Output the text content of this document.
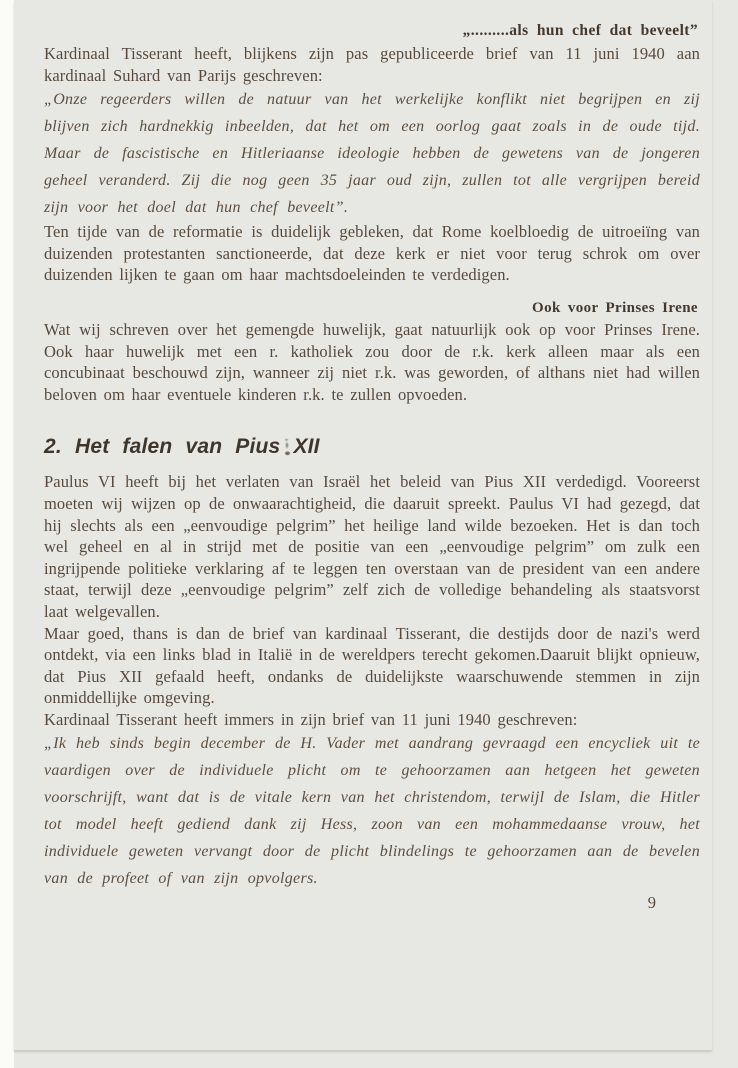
„.........als hun chef dat beveelt”

Kardinaal Tisserant heeft, blijkens zijn pas gepubliceerde brief van 11 juni 1940 aan kardinaal Suhard van Parijs geschreven:

„Onze regeerders willen de natuur van het werkelijke konflikt niet begrijpen en zij blijven zich hardnekkig inbeelden, dat het om een oorlog gaat zoals in de oude tijd. Maar de fascistische en Hitleriaanse ideologie hebben de gewetens van de jongeren geheel veranderd. Zij die nog geen 35 jaar oud zijn, zullen tot alle vergrijpen bereid zijn voor het doel dat hun chef beveelt”.

Ten tijde van de reformatie is duidelijk gebleken, dat Rome koelbloedig de uitroeiïng van duizenden protestanten sanctioneerde, dat deze kerk er niet voor terug schrok om over duizenden lijken te gaan om haar machtsdoeleinden te verdedigen.

Ook voor Prinses Irene

Wat wij schreven over het gemengde huwelijk, gaat natuurlijk ook op voor Prinses Irene. Ook haar huwelijk met een r. katholiek zou door de r.k. kerk alleen maar als een concubinaat beschouwd zijn, wanneer zij niet r.k. was geworden, of althans niet had willen beloven om haar eventuele kinderen r.k. te zullen opvoeden.

2. Het falen van Pius XII

Paulus VI heeft bij het verlaten van Israël het beleid van Pius XII verdedigd. Vooreerst moeten wij wijzen op de onwaarachtigheid, die daaruit spreekt. Paulus VI had gezegd, dat hij slechts als een „eenvoudige pelgrim” het heilige land wilde bezoeken. Het is dan toch wel geheel en al in strijd met de positie van een „eenvoudige pelgrim” om zulk een ingrijpende politieke verklaring af te leggen ten overstaan van de president van een andere staat, terwijl deze „eenvoudige pelgrim” zelf zich de volledige behandeling als staatsvorst laat welgevallen.

Maar goed, thans is dan de brief van kardinaal Tisserant, die destijds door de nazi's werd ontdekt, via een links blad in Italië in de wereldpers terecht gekomen.Daaruit blijkt opnieuw, dat Pius XII gefaald heeft, ondanks de duidelijkste waarschuwende stemmen in zijn onmiddellijke omgeving.

Kardinaal Tisserant heeft immers in zijn brief van 11 juni 1940 geschreven:

„Ik heb sinds begin december de H. Vader met aandrang gevraagd een encycliek uit te vaardigen over de individuele plicht om te gehoorzamen aan hetgeen het geweten voorschrijft, want dat is de vitale kern van het christendom, terwijl de Islam, die Hitler tot model heeft gediend dank zij Hess, zoon van een mohammedaanse vrouw, het individuele geweten vervangt door de plicht blindelings te gehoorzamen aan de bevelen van de profeet of van zijn opvolgers.

9
